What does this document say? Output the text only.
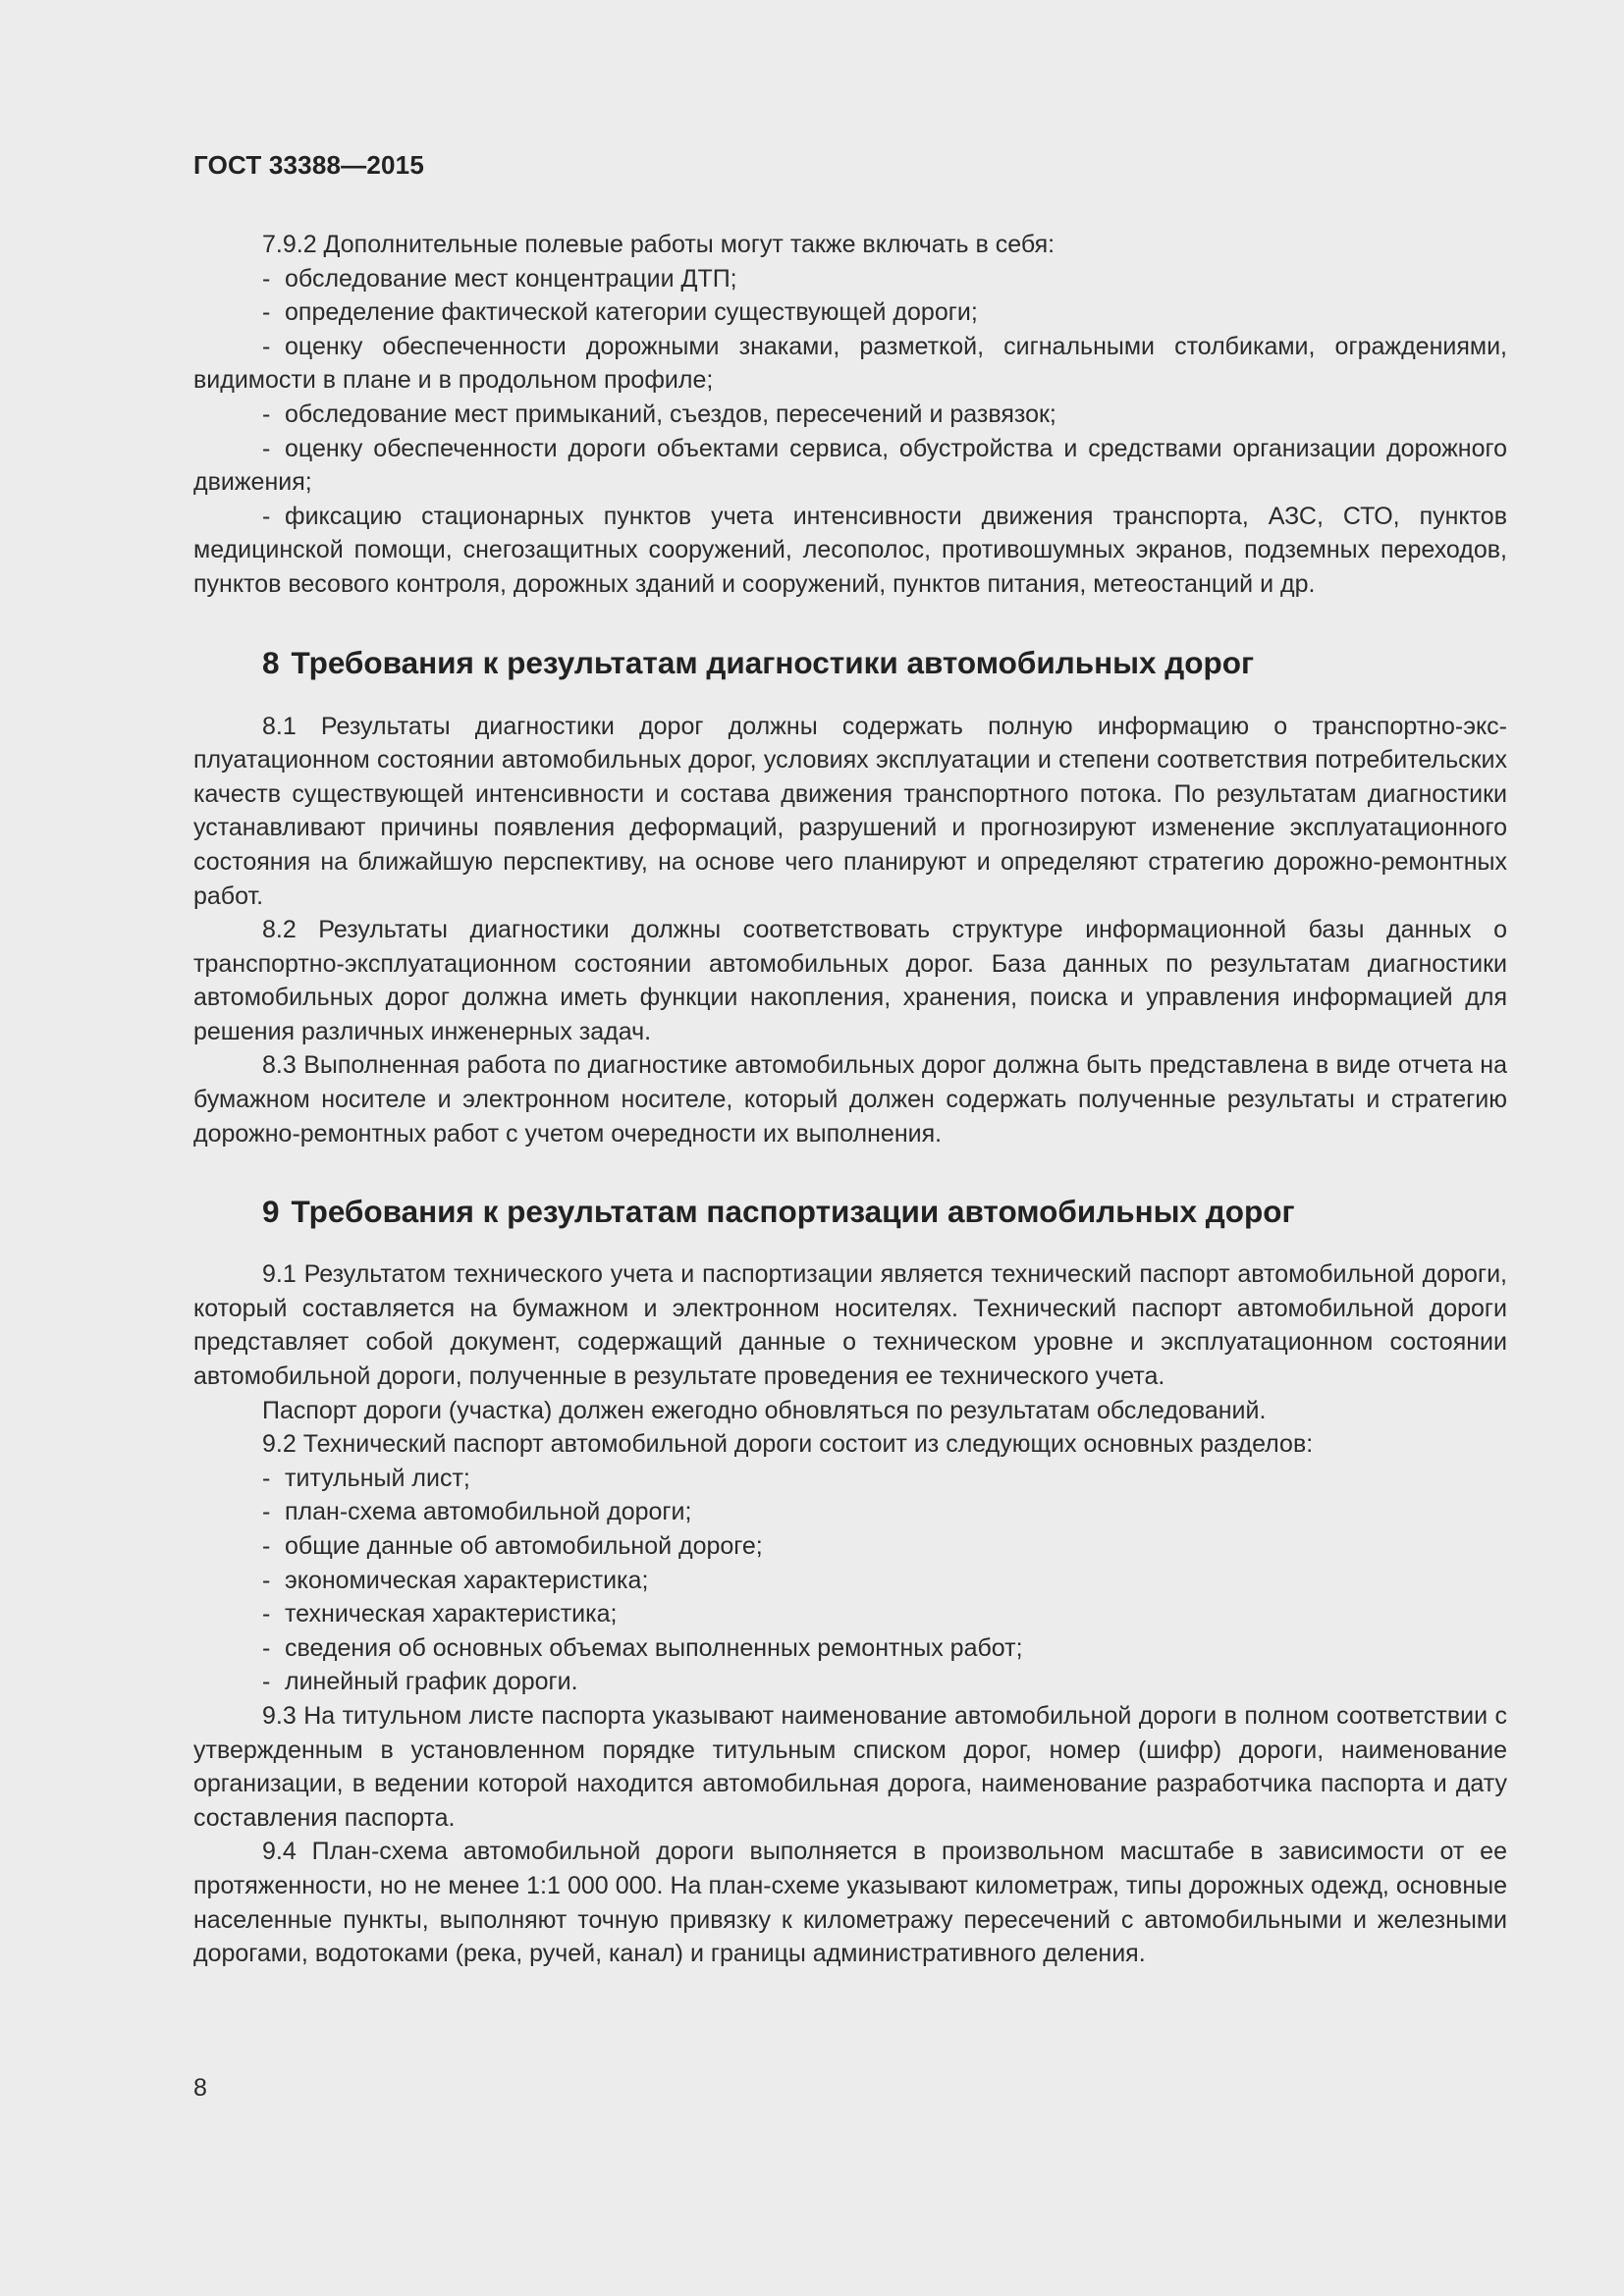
ГОСТ 33388—2015

7.9.2 Дополнительные полевые работы могут также включать в себя:

- обследование мест концентрации ДТП;

- определение фактической категории существующей дороги;

- оценку обеспеченности дорожными знаками, разметкой, сигнальными столбиками, ограждениями, видимости в плане и в продольном профиле;

- обследование мест примыканий, съездов, пересечений и развязок;

- оценку обеспеченности дороги объектами сервиса, обустройства и средствами организации дорожного движения;

- фиксацию стационарных пунктов учета интенсивности движения транспорта, АЗС, СТО, пунктов медицинской помощи, снегозащитных сооружений, лесополос, противошумных экранов, подземных переходов, пунктов весового контроля, дорожных зданий и сооружений, пунктов питания, метеостанций и др.

8 Требования к результатам диагностики автомобильных дорог

8.1 Результаты диагностики дорог должны содержать полную информацию о транспортно-эксплуатационном состоянии автомобильных дорог, условиях эксплуатации и степени соответствия потребительских качеств существующей интенсивности и состава движения транспортного потока. По результатам диагностики устанавливают причины появления деформаций, разрушений и прогнозируют изменение эксплуатационного состояния на ближайшую перспективу, на основе чего планируют и определяют стратегию дорожно-ремонтных работ.

8.2 Результаты диагностики должны соответствовать структуре информационной базы данных о транспортно-эксплуатационном состоянии автомобильных дорог. База данных по результатам диагностики автомобильных дорог должна иметь функции накопления, хранения, поиска и управления информацией для решения различных инженерных задач.

8.3 Выполненная работа по диагностике автомобильных дорог должна быть представлена в виде отчета на бумажном носителе и электронном носителе, который должен содержать полученные результаты и стратегию дорожно-ремонтных работ с учетом очередности их выполнения.

9 Требования к результатам паспортизации автомобильных дорог

9.1 Результатом технического учета и паспортизации является технический паспорт автомобильной дороги, который составляется на бумажном и электронном носителях. Технический паспорт автомобильной дороги представляет собой документ, содержащий данные о техническом уровне и эксплуатационном состоянии автомобильной дороги, полученные в результате проведения ее технического учета.

Паспорт дороги (участка) должен ежегодно обновляться по результатам обследований.

9.2 Технический паспорт автомобильной дороги состоит из следующих основных разделов:

- титульный лист;

- план-схема автомобильной дороги;

- общие данные об автомобильной дороге;

- экономическая характеристика;

- техническая характеристика;

- сведения об основных объемах выполненных ремонтных работ;

- линейный график дороги.

9.3 На титульном листе паспорта указывают наименование автомобильной дороги в полном соответствии с утвержденным в установленном порядке титульным списком дорог, номер (шифр) дороги, наименование организации, в ведении которой находится автомобильная дорога, наименование разработчика паспорта и дату составления паспорта.

9.4 План-схема автомобильной дороги выполняется в произвольном масштабе в зависимости от ее протяженности, но не менее 1:1 000 000. На план-схеме указывают километраж, типы дорожных одежд, основные населенные пункты, выполняют точную привязку к километражу пересечений с автомобильными и железными дорогами, водотоками (река, ручей, канал) и границы административного деления.

8
